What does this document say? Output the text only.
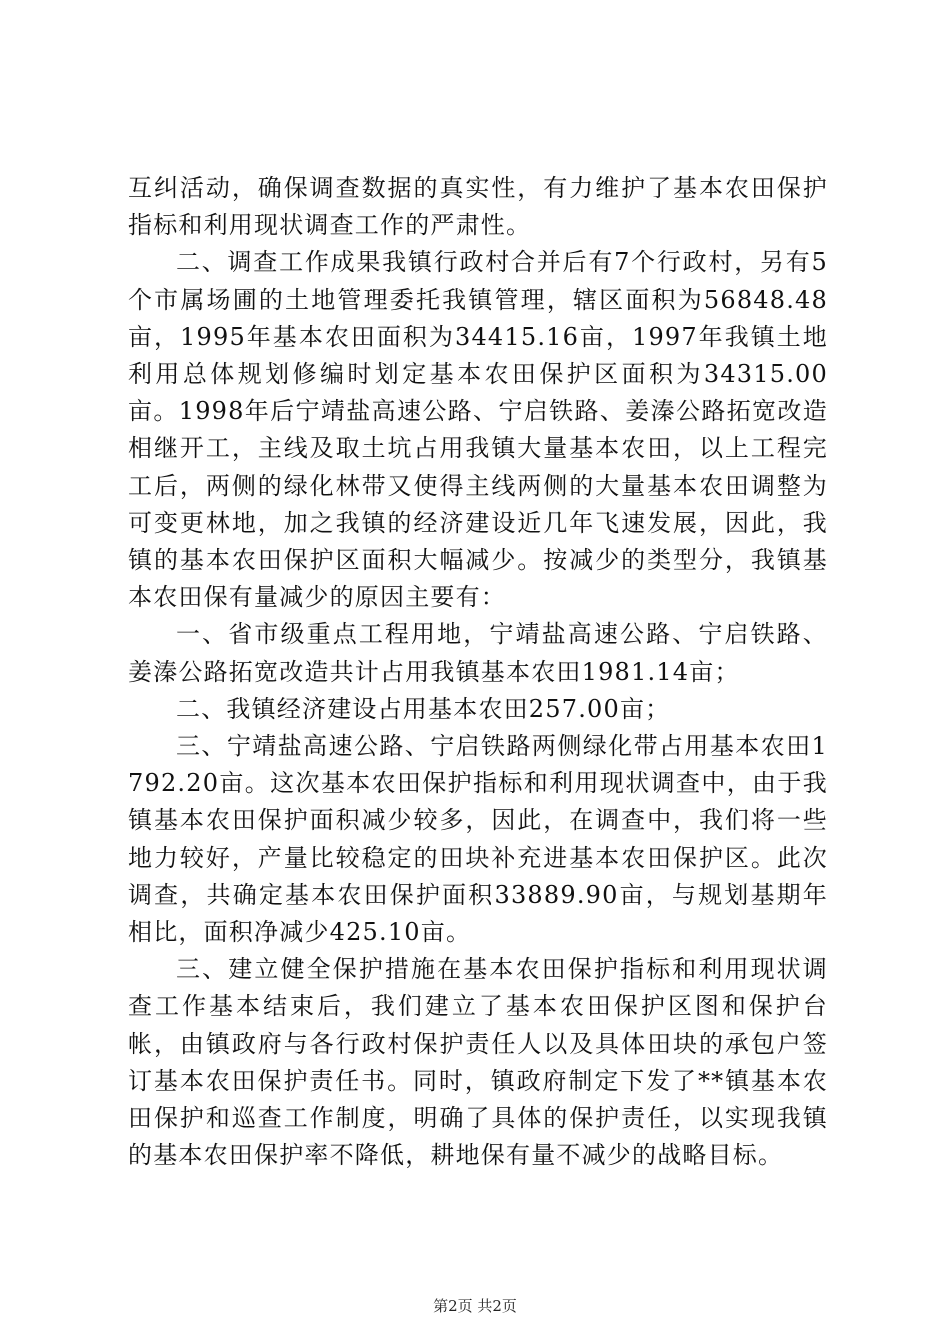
互纠活动，确保调查数据的真实性，有力维护了基本农田保护指标和利用现状调查工作的严肃性。

二、调查工作成果我镇行政村合并后有7个行政村，另有5个市属场圃的土地管理委托我镇管理，辖区面积为56848.48亩，1995年基本农田面积为34415.16亩，1997年我镇土地利用总体规划修编时划定基本农田保护区面积为34315.00亩。1998年后宁靖盐高速公路、宁启铁路、姜溱公路拓宽改造相继开工，主线及取土坑占用我镇大量基本农田，以上工程完工后，两侧的绿化林带又使得主线两侧的大量基本农田调整为可变更林地，加之我镇的经济建设近几年飞速发展，因此，我镇的基本农田保护区面积大幅减少。按减少的类型分，我镇基本农田保有量减少的原因主要有：

一、省市级重点工程用地，宁靖盐高速公路、宁启铁路、姜溱公路拓宽改造共计占用我镇基本农田1981.14亩；

二、我镇经济建设占用基本农田257.00亩；

三、宁靖盐高速公路、宁启铁路两侧绿化带占用基本农田1792.20亩。这次基本农田保护指标和利用现状调查中，由于我镇基本农田保护面积减少较多，因此，在调查中，我们将一些地力较好，产量比较稳定的田块补充进基本农田保护区。此次调查，共确定基本农田保护面积33889.90亩，与规划基期年相比，面积净减少425.10亩。

三、建立健全保护措施在基本农田保护指标和利用现状调查工作基本结束后，我们建立了基本农田保护区图和保护台帐，由镇政府与各行政村保护责任人以及具体田块的承包户签订基本农田保护责任书。同时，镇政府制定下发了**镇基本农田保护和巡查工作制度，明确了具体的保护责任，以实现我镇的基本农田保护率不降低，耕地保有量不减少的战略目标。

第2页 共2页
